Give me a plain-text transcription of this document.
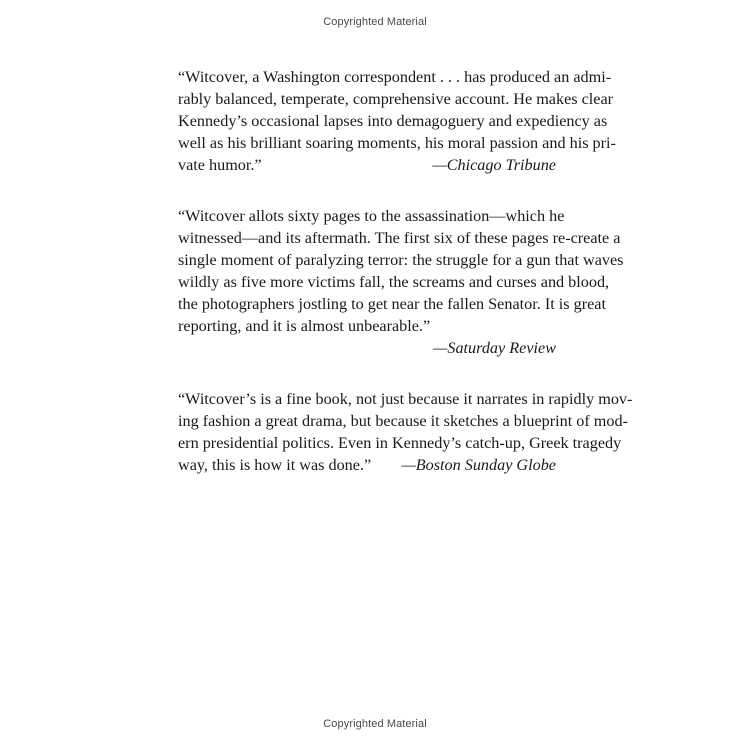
Copyrighted Material

“Witcover, a Washington correspondent . . . has produced an admi-
rably balanced, temperate, comprehensive account. He makes clear
Kennedy’s occasional lapses into demagoguery and expediency as
well as his brilliant soaring moments, his moral passion and his pri-
vate humor.”	—Chicago Tribune

“Witcover allots sixty pages to the assassination—which he
witnessed—and its aftermath. The first six of these pages re-create a
single moment of paralyzing terror: the struggle for a gun that waves
wildly as five more victims fall, the screams and curses and blood,
the photographers jostling to get near the fallen Senator. It is great
reporting, and it is almost unbearable.”
—Saturday Review

“Witcover’s is a fine book, not just because it narrates in rapidly mov-
ing fashion a great drama, but because it sketches a blueprint of mod-
ern presidential politics. Even in Kennedy’s catch-up, Greek tragedy
way, this is how it was done.” —Boston Sunday Globe

Copyrighted Material
